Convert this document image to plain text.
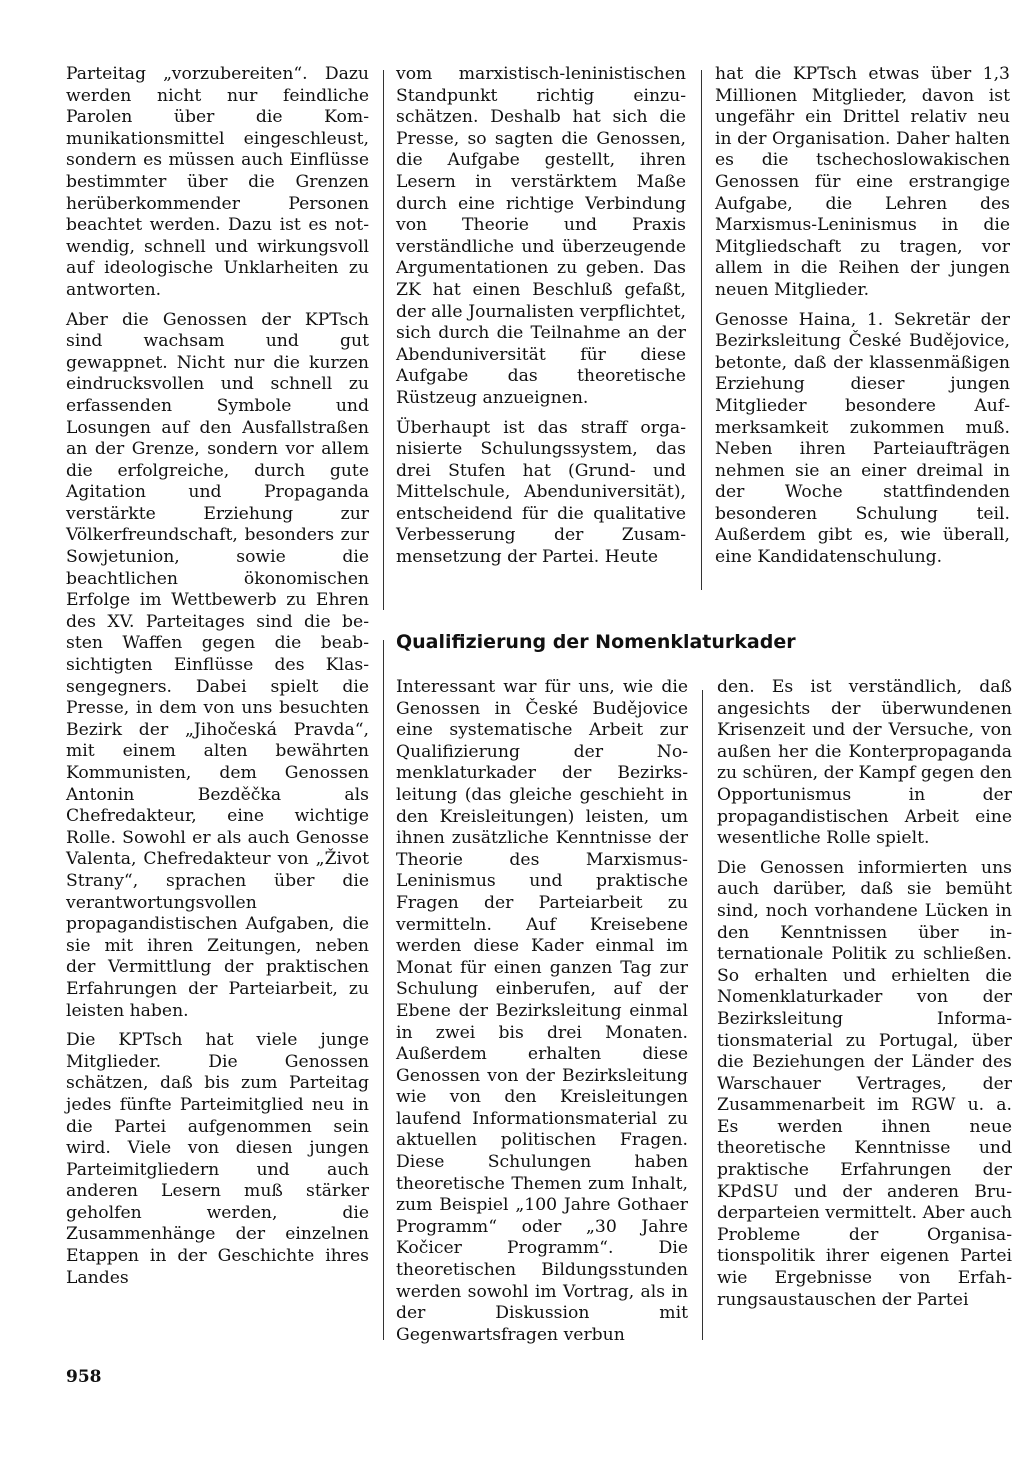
Parteitag „vorzubereiten“. Dazu werden nicht nur feindliche Parolen über die Kommunikationsmittel eingeschleust, sondern es müssen auch Einflüsse bestimmter über die Grenzen herüberkommender Personen beachtet werden. Dazu ist es notwendig, schnell und wirkungsvoll auf ideologische Unklarheiten zu antworten.

Aber die Genossen der KPTsch sind wachsam und gut gewappnet. Nicht nur die kurzen eindrucksvollen und schnell zu erfassenden Symbole und Losungen auf den Ausfallstraßen an der Grenze, sondern vor allem die erfolgreiche, durch gute Agitation und Propaganda verstärkte Erziehung zur Völkerfreundschaft, besonders zur Sowjetunion, sowie die beachtlichen ökonomischen Erfolge im Wettbewerb zu Ehren des XV. Parteitages sind die besten Waffen gegen die beabsichtigten Einflüsse des Klassengegners. Dabei spielt die Presse, in dem von uns besuchten Bezirk der „Jihočeská Pravda“, mit einem alten bewährten Kommunisten, dem Genossen Antonin Bezděčka als Chefredakteur, eine wichtige Rolle. Sowohl er als auch Genosse Valenta, Chefredakteur von „Život Strany“, sprachen über die verantwortungsvollen propagandistischen Aufgaben, die sie mit ihren Zeitungen, neben der Vermittlung der praktischen Erfahrungen der Parteiarbeit, zu leisten haben.

Die KPTsch hat viele junge Mitglieder. Die Genossen schätzen, daß bis zum Parteitag jedes fünfte Parteimitglied neu in die Partei aufgenommen sein wird. Viele von diesen jungen Parteimitgliedern und auch anderen Lesern muß stärker geholfen werden, die Zusammenhänge der einzelnen Etappen in der Geschichte ihres Landes

vom marxistisch-leninistischen Standpunkt richtig einzuschätzen. Deshalb hat sich die Presse, so sagten die Genossen, die Aufgabe gestellt, ihren Lesern in verstärktem Maße durch eine richtige Verbindung von Theorie und Praxis verständliche und überzeugende Argumentationen zu geben. Das ZK hat einen Beschluß gefaßt, der alle Journalisten verpflichtet, sich durch die Teilnahme an der Abenduniversität für diese Aufgabe das theoretische Rüstzeug anzueignen.

Überhaupt ist das straff organisierte Schulungssystem, das drei Stufen hat (Grund- und Mittelschule, Abenduniversität), entscheidend für die qualitative Verbesserung der Zusammensetzung der Partei. Heute

hat die KPTsch etwas über 1,3 Millionen Mitglieder, davon ist ungefähr ein Drittel relativ neu in der Organisation. Daher halten es die tschechoslowakischen Genossen für eine erstrangige Aufgabe, die Lehren des Marxismus-Leninismus in die Mitgliedschaft zu tragen, vor allem in die Reihen der jungen neuen Mitglieder.

Genosse Haina, 1. Sekretär der Bezirksleitung České Budějovice, betonte, daß der klassenmäßigen Erziehung dieser jungen Mitglieder besondere Aufmerksamkeit zukommen muß. Neben ihren Parteiaufträgen nehmen sie an einer dreimal in der Woche stattfindenden besonderen Schulung teil. Außerdem gibt es, wie überall, eine Kandidatenschulung.

Qualifizierung der Nomenklaturkader

Interessant war für uns, wie die Genossen in České Budějovice eine systematische Arbeit zur Qualifizierung der Nomenklaturkader der Bezirksleitung (das gleiche geschieht in den Kreisleitungen) leisten, um ihnen zusätzliche Kenntnisse der Theorie des Marxismus-Leninismus und praktische Fragen der Parteiarbeit zu vermitteln. Auf Kreisebene werden diese Kader einmal im Monat für einen ganzen Tag zur Schulung einberufen, auf der Ebene der Bezirksleitung einmal in zwei bis drei Monaten. Außerdem erhalten diese Genossen von der Bezirksleitung wie von den Kreisleitungen laufend Informationsmaterial zu aktuellen politischen Fragen. Diese Schulungen haben theoretische Themen zum Inhalt, zum Beispiel „100 Jahre Gothaer Programm“ oder „30 Jahre Kočicer Programm“. Die theoretischen Bildungsstunden werden sowohl im Vortrag, als in der Diskussion mit Gegenwartsfragen verbun

den. Es ist verständlich, daß angesichts der überwundenen Krisenzeit und der Versuche, von außen her die Konterpropaganda zu schüren, der Kampf gegen den Opportunismus in der propagandistischen Arbeit eine wesentliche Rolle spielt.

Die Genossen informierten uns auch darüber, daß sie bemüht sind, noch vorhandene Lücken in den Kenntnissen über internationale Politik zu schließen. So erhalten und erhielten die Nomenklaturkader von der Bezirksleitung Informationsmaterial zu Portugal, über die Beziehungen der Länder des Warschauer Vertrages, der Zusammenarbeit im RGW u. a. Es werden ihnen neue theoretische Kenntnisse und praktische Erfahrungen der KPdSU und der anderen Bruderparteien vermittelt. Aber auch Probleme der Organisationspolitik ihrer eigenen Partei wie Ergebnisse von Erfahrungsaustauschen der Partei

958
